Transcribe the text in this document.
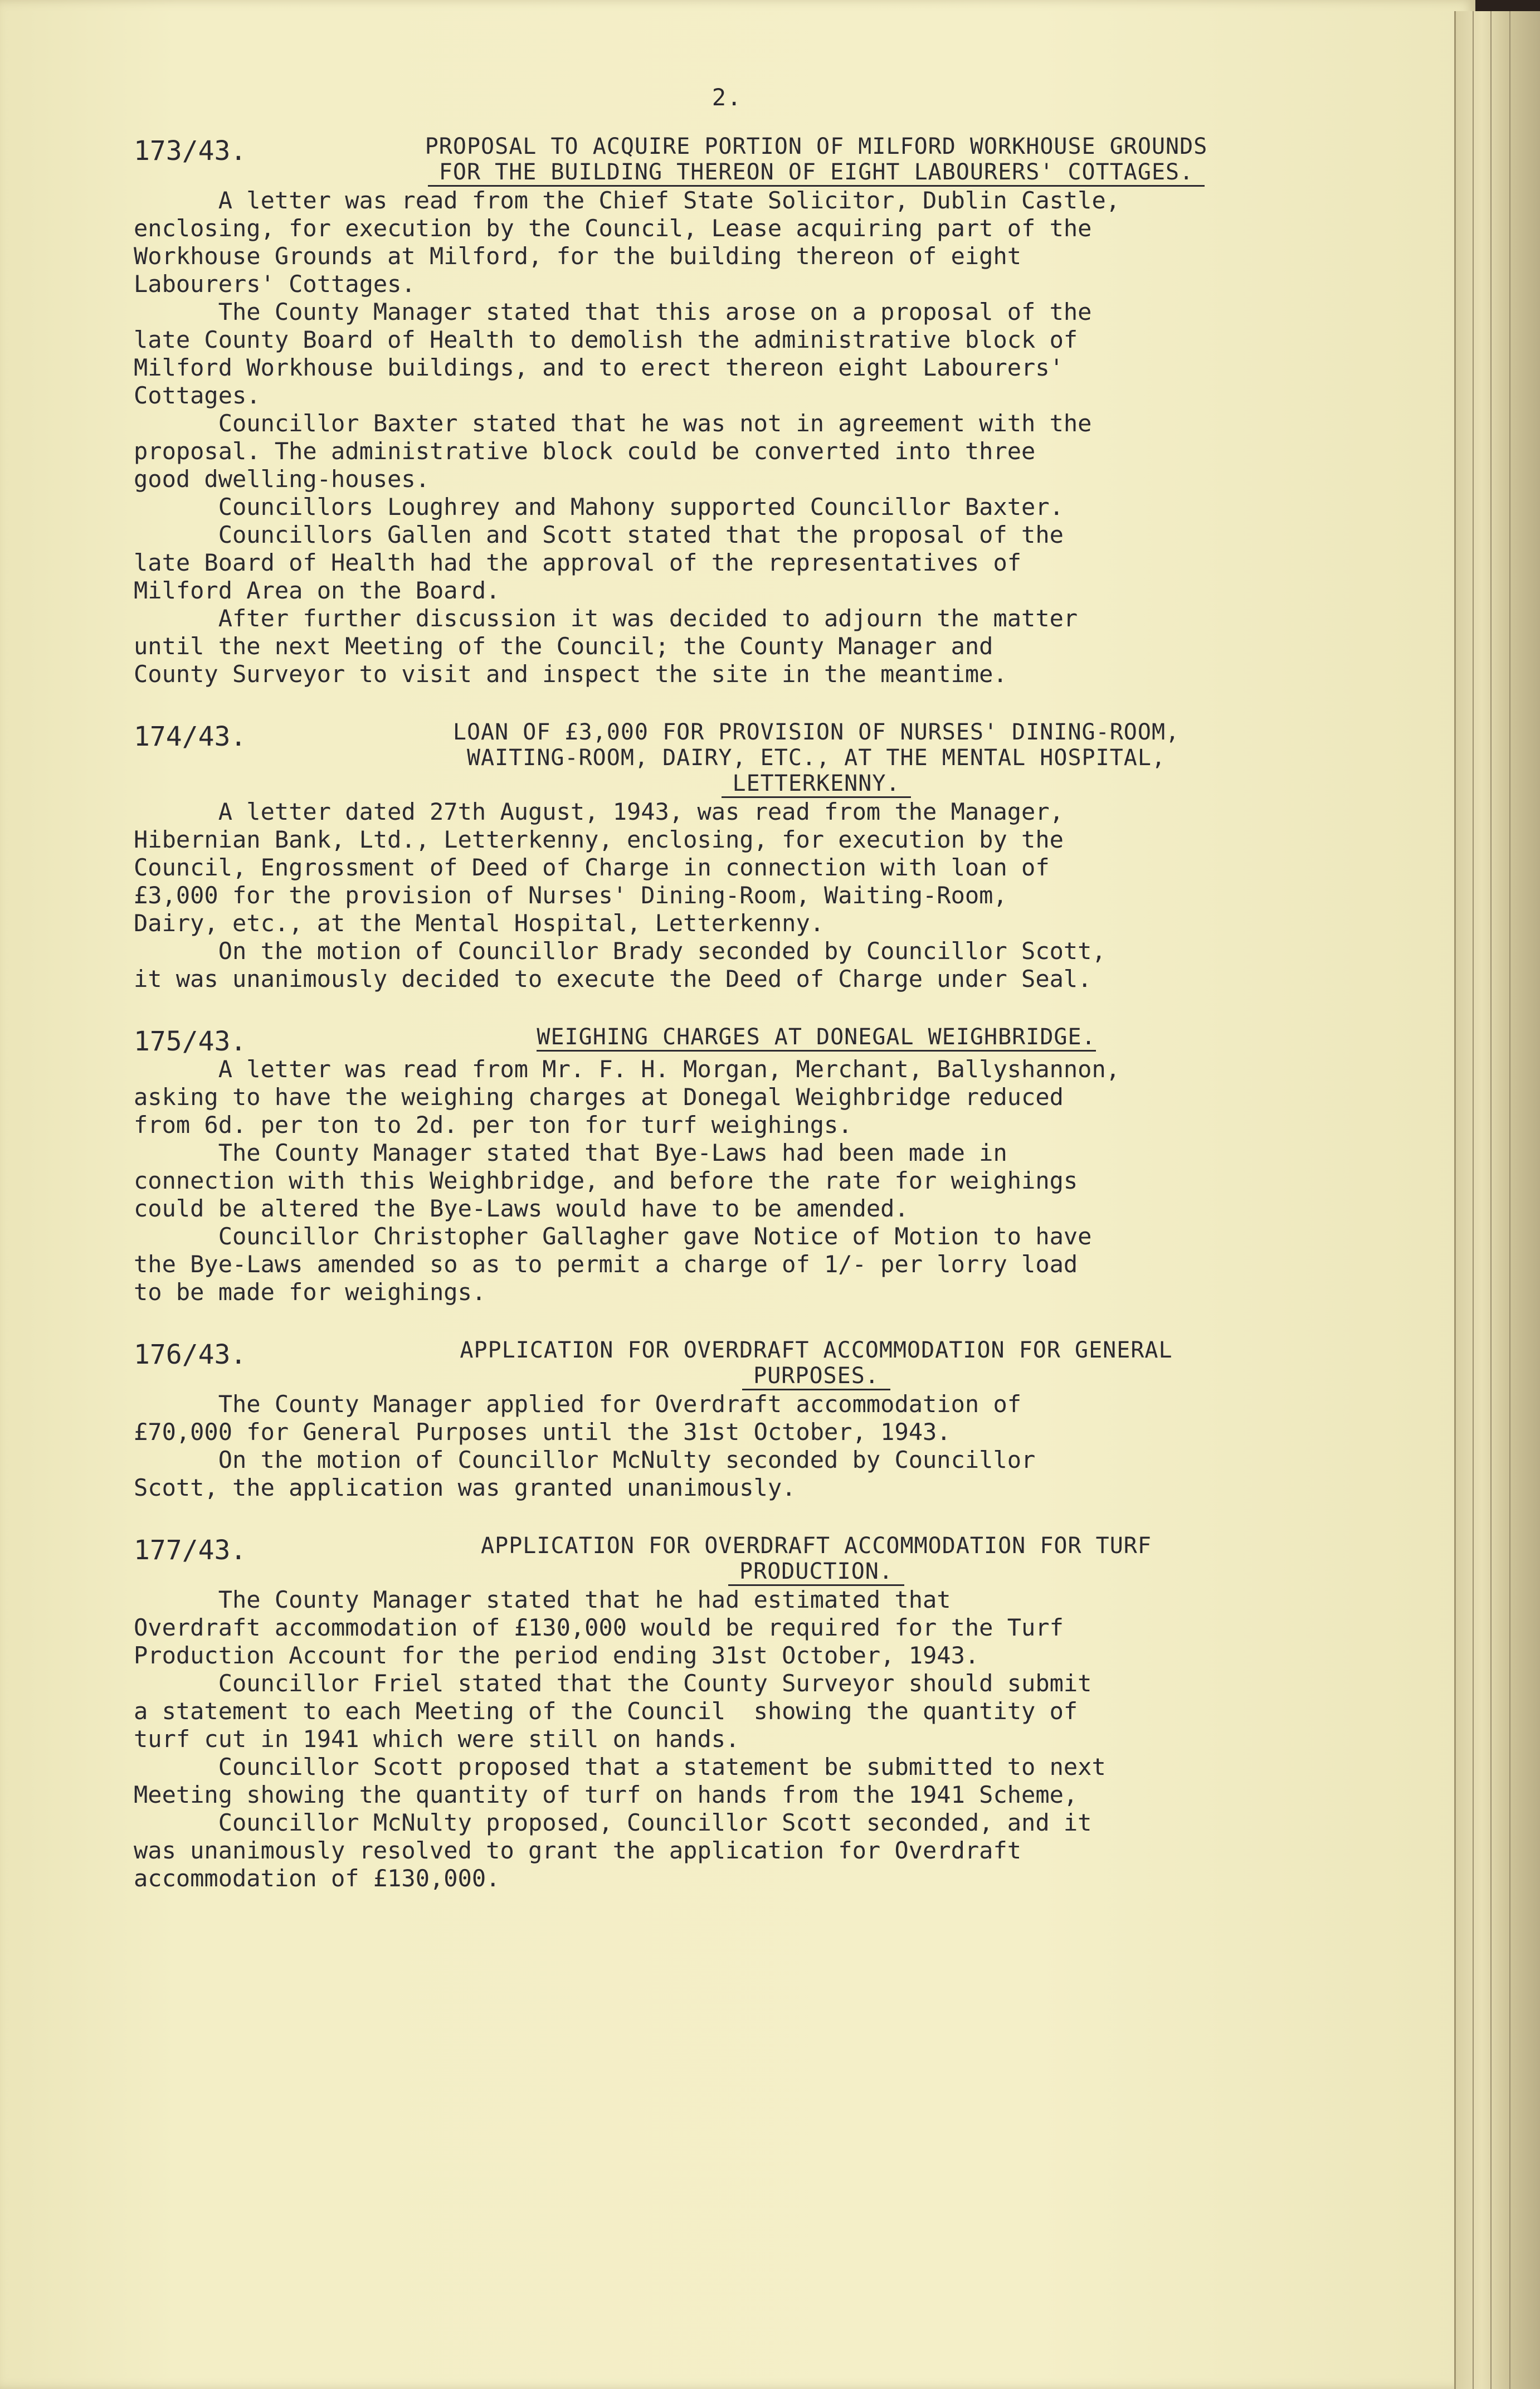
2.
173/43.	PROPOSAL TO ACQUIRE PORTION OF MILFORD WORKHOUSE GROUNDS
FOR THE BUILDING THEREON OF EIGHT LABOURERS' COTTAGES.

A letter was read from the Chief State Solicitor, Dublin Castle,

enclosing, for execution by the Council, Lease acquiring part of the

Workhouse Grounds at Milford, for the building thereon of eight

Labourers' Cottages.

The County Manager stated that this arose on a proposal of the

late County Board of Health to demolish the administrative block of

Milford Workhouse buildings, and to erect thereon eight Labourers'

Cottages.

Councillor Baxter stated that he was not in agreement with the

proposal. The administrative block could be converted into three

good dwelling-houses.

Councillors Loughrey and Mahony supported Councillor Baxter.

Councillors Gallen and Scott stated that the proposal of the

late Board of Health had the approval of the representatives of

Milford Area on the Board.

After further discussion it was decided to adjourn the matter

until the next Meeting of the Council; the County Manager and

County Surveyor to visit and inspect the site in the meantime.

174/43.	LOAN OF £3,000 FOR PROVISION OF NURSES' DINING-ROOM,
WAITING-ROOM, DAIRY, ETC., AT THE MENTAL HOSPITAL,
LETTERKENNY.

A letter dated 27th August, 1943, was read from the Manager,

Hibernian Bank, Ltd., Letterkenny, enclosing, for execution by the

Council, Engrossment of Deed of Charge in connection with loan of

£3,000 for the provision of Nurses' Dining-Room, Waiting-Room,

Dairy, etc., at the Mental Hospital, Letterkenny.

On the motion of Councillor Brady seconded by Councillor Scott,

it was unanimously decided to execute the Deed of Charge under Seal.

175/43.	WEIGHING CHARGES AT DONEGAL WEIGHBRIDGE.

A letter was read from Mr. F. H. Morgan, Merchant, Ballyshannon,

asking to have the weighing charges at Donegal Weighbridge reduced

from 6d. per ton to 2d. per ton for turf weighings.

The County Manager stated that Bye-Laws had been made in

connection with this Weighbridge, and before the rate for weighings

could be altered the Bye-Laws would have to be amended.

Councillor Christopher Gallagher gave Notice of Motion to have

the Bye-Laws amended so as to permit a charge of 1/- per lorry load

to be made for weighings.

176/43.	APPLICATION FOR OVERDRAFT ACCOMMODATION FOR GENERAL
PURPOSES.

The County Manager applied for Overdraft accommodation of

£70,000 for General Purposes until the 31st October, 1943.

On the motion of Councillor McNulty seconded by Councillor

Scott, the application was granted unanimously.

177/43.	APPLICATION FOR OVERDRAFT ACCOMMODATION FOR TURF
PRODUCTION.

The County Manager stated that he had estimated that

Overdraft accommodation of £130,000 would be required for the Turf

Production Account for the period ending 31st October, 1943.

Councillor Friel stated that the County Surveyor should submit

a statement to each Meeting of the Council  showing the quantity of

turf cut in 1941 which were still on hands.

Councillor Scott proposed that a statement be submitted to next

Meeting showing the quantity of turf on hands from the 1941 Scheme,

Councillor McNulty proposed, Councillor Scott seconded, and it

was unanimously resolved to grant the application for Overdraft

accommodation of £130,000.
